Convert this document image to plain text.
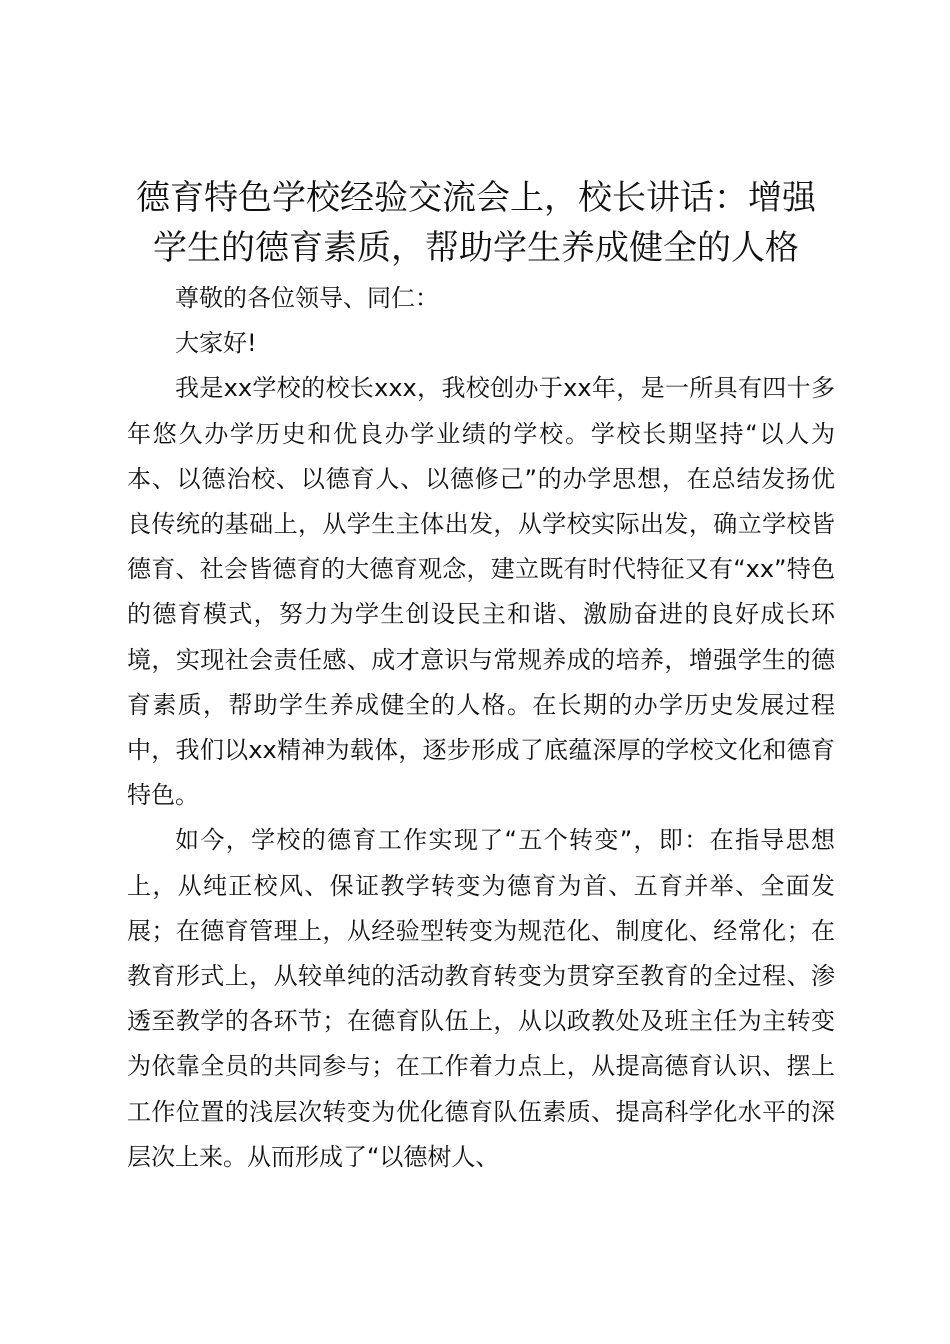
德育特色学校经验交流会上，校长讲话：增强学生的德育素质，帮助学生养成健全的人格

尊敬的各位领导、同仁：

大家好!

我是xx学校的校长xxx，我校创办于xx年，是一所具有四十多年悠久办学历史和优良办学业绩的学校。学校长期坚持“以人为本、以德治校、以德育人、以德修己”的办学思想，在总结发扬优良传统的基础上，从学生主体出发，从学校实际出发，确立学校皆德育、社会皆德育的大德育观念，建立既有时代特征又有“xx”特色的德育模式，努力为学生创设民主和谐、激励奋进的良好成长环境，实现社会责任感、成才意识与常规养成的培养，增强学生的德育素质，帮助学生养成健全的人格。在长期的办学历史发展过程中，我们以xx精神为载体，逐步形成了底蕴深厚的学校文化和德育特色。

如今，学校的德育工作实现了“五个转变”，即：在指导思想上，从纯正校风、保证教学转变为德育为首、五育并举、全面发展；在德育管理上，从经验型转变为规范化、制度化、经常化；在教育形式上，从较单纯的活动教育转变为贯穿至教育的全过程、渗透至教学的各环节；在德育队伍上，从以政教处及班主任为主转变为依靠全员的共同参与；在工作着力点上，从提高德育认识、摆上工作位置的浅层次转变为优化德育队伍素质、提高科学化水平的深层次上来。从而形成了“以德树人、
